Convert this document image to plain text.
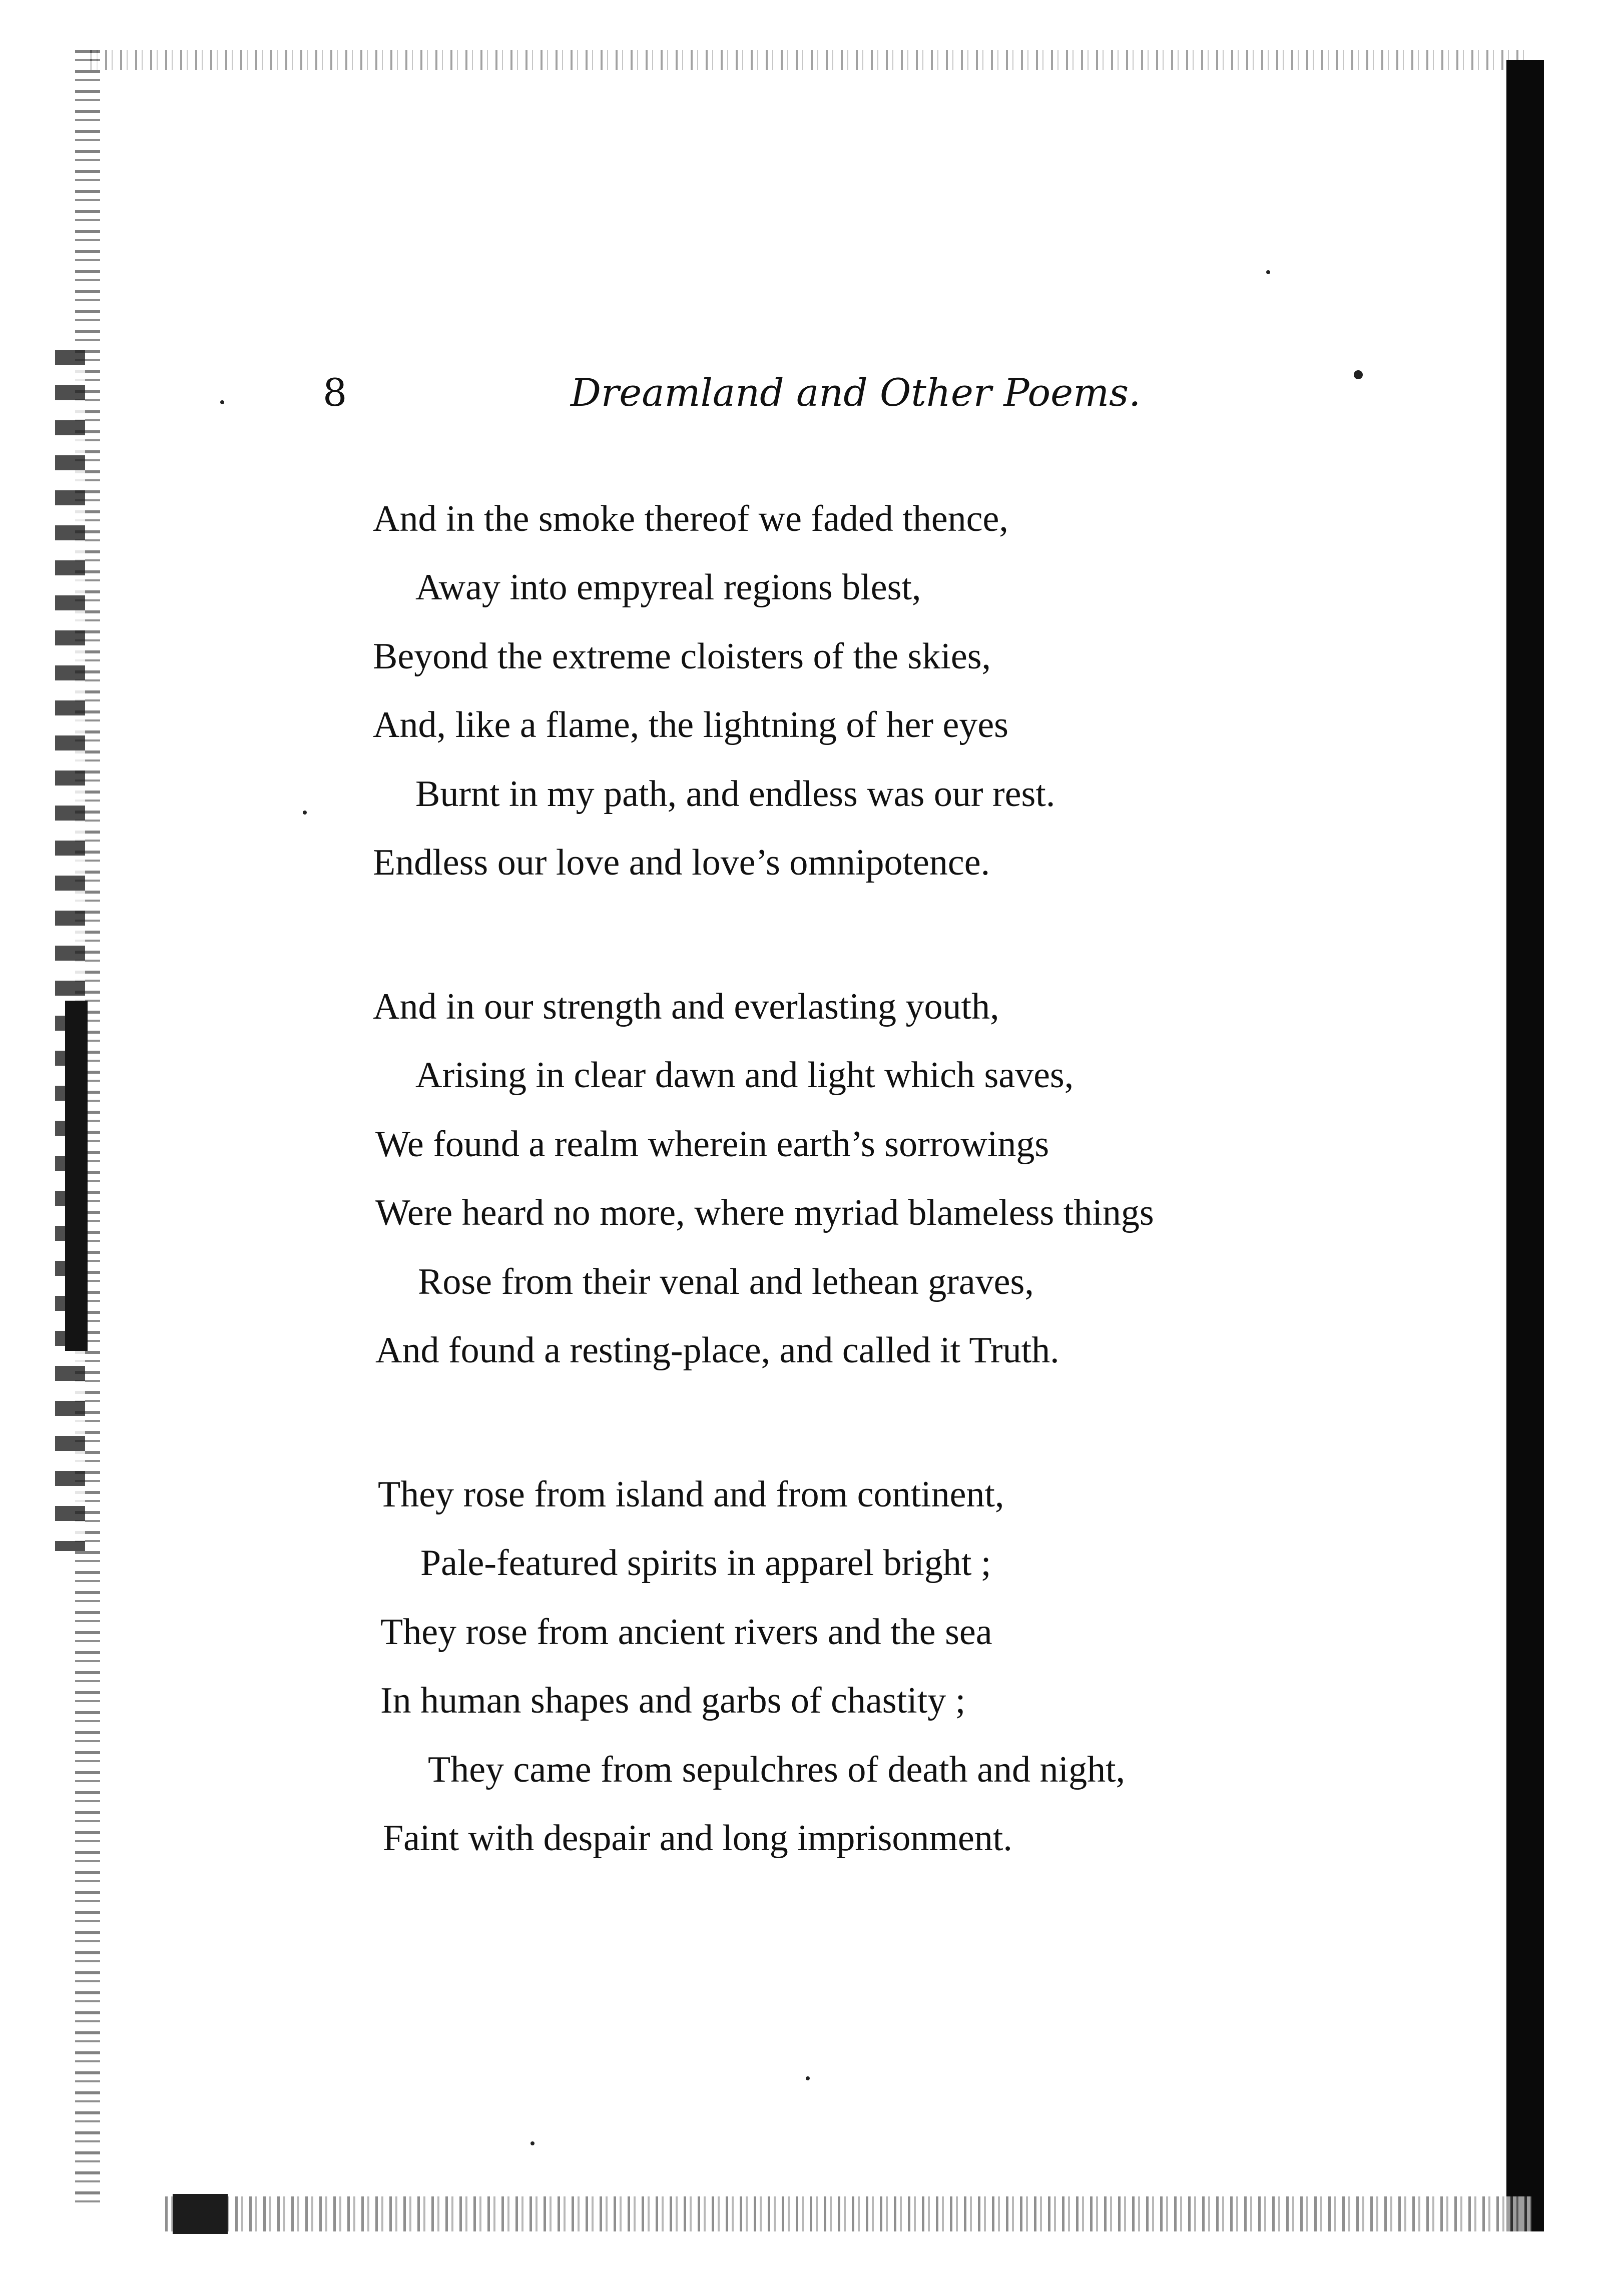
8	Dreamland and Other Poems.
And in the smoke thereof we faded thence,
Away into empyreal regions blest,
Beyond the extreme cloisters of the skies,
And, like a flame, the lightning of her eyes
Burnt in my path, and endless was our rest.
Endless our love and love’s omnipotence.
And in our strength and everlasting youth,
Arising in clear dawn and light which saves,
We found a realm wherein earth’s sorrowings
Were heard no more, where myriad blameless things
Rose from their venal and lethean graves,
And found a resting-place, and called it Truth.
They rose from island and from continent,
Pale-featured spirits in apparel bright ;
They rose from ancient rivers and the sea
In human shapes and garbs of chastity ;
They came from sepulchres of death and night,
Faint with despair and long imprisonment.
